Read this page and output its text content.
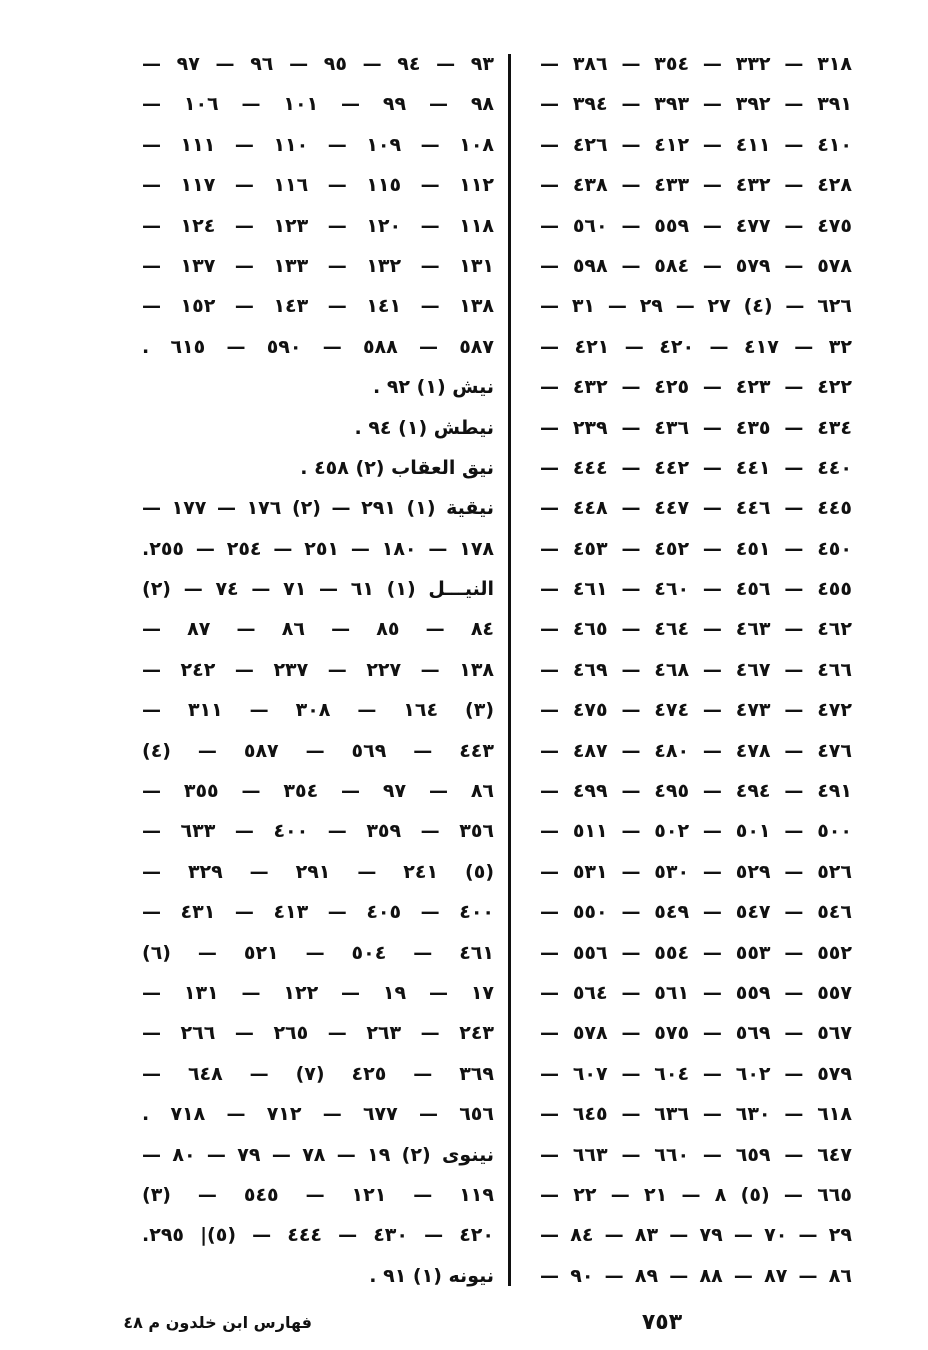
٣١٨ — ٣٣٢ — ٣٥٤ — ٣٨٦ —
٣٩١ — ٣٩٢ — ٣٩٣ — ٣٩٤ —
٤١٠ — ٤١١ — ٤١٢ — ٤٢٦ —
٤٢٨ — ٤٣٢ — ٤٣٣ — ٤٣٨ —
٤٧٥ — ٤٧٧ — ٥٥٩ — ٥٦٠ —
٥٧٨ — ٥٧٩ — ٥٨٤ — ٥٩٨ —
٦٢٦ — (٤) ٢٧ — ٢٩ — ٣١ —
٣٢ — ٤١٧ — ٤٢٠ — ٤٢١ —
٤٢٢ — ٤٢٣ — ٤٢٥ — ٤٣٢ —
٤٣٤ — ٤٣٥ — ٤٣٦ — ٢٣٩ —
٤٤٠ — ٤٤١ — ٤٤٢ — ٤٤٤ —
٤٤٥ — ٤٤٦ — ٤٤٧ — ٤٤٨ —
٤٥٠ — ٤٥١ — ٤٥٢ — ٤٥٣ —
٤٥٥ — ٤٥٦ — ٤٦٠ — ٤٦١ —
٤٦٢ — ٤٦٣ — ٤٦٤ — ٤٦٥ —
٤٦٦ — ٤٦٧ — ٤٦٨ — ٤٦٩ —
٤٧٢ — ٤٧٣ — ٤٧٤ — ٤٧٥ —
٤٧٦ — ٤٧٨ — ٤٨٠ — ٤٨٧ —
٤٩١ — ٤٩٤ — ٤٩٥ — ٤٩٩ —
٥٠٠ — ٥٠١ — ٥٠٢ — ٥١١ —
٥٢٦ — ٥٢٩ — ٥٣٠ — ٥٣١ —
٥٤٦ — ٥٤٧ — ٥٤٩ — ٥٥٠ —
٥٥٢ — ٥٥٣ — ٥٥٤ — ٥٥٦ —
٥٥٧ — ٥٥٩ — ٥٦١ — ٥٦٤ —
٥٦٧ — ٥٦٩ — ٥٧٥ — ٥٧٨ —
٥٧٩ — ٦٠٢ — ٦٠٤ — ٦٠٧ —
٦١٨ — ٦٣٠ — ٦٣٦ — ٦٤٥ —
٦٤٧ — ٦٥٩ — ٦٦٠ — ٦٦٣ —
٦٦٥ — (٥) ٨ — ٢١ — ٢٢ —
٢٩ — ٧٠ — ٧٩ — ٨٣ — ٨٤ —
٨٦ — ٨٧ — ٨٨ — ٨٩ — ٩٠ —
٩٣ — ٩٤ — ٩٥ — ٩٦ — ٩٧ —
٩٨ — ٩٩ — ١٠١ — ١٠٦ —
١٠٨ — ١٠٩ — ١١٠ — ١١١ —
١١٢ — ١١٥ — ١١٦ — ١١٧ —
١١٨ — ١٢٠ — ١٢٣ — ١٢٤ —
١٣١ — ١٣٢ — ١٣٣ — ١٣٧ —
١٣٨ — ١٤١ — ١٤٣ — ١٥٢ —
٥٨٧ — ٥٨٨ — ٥٩٠ — ٦١٥ .
نيش (١) ٩٢ .
نيطش (١) ٩٤ .
نيق العقاب (٢) ٤٥٨ .
نيقية (١) ٢٩١ — (٢) ١٧٦ — ١٧٧ —
١٧٨ — ١٨٠ — ٢٥١ — ٢٥٤ — ٢٥٥.
النيـــل (١) ٦١ — ٧١ — ٧٤ — (٢)
٨٤ — ٨٥ — ٨٦ — ٨٧ —
١٣٨ — ٢٢٧ — ٢٣٧ — ٢٤٢ —
(٣) ١٦٤ — ٣٠٨ — ٣١١ —
٤٤٣ — ٥٦٩ — ٥٨٧ — (٤)
٨٦ — ٩٧ — ٣٥٤ — ٣٥٥ —
٣٥٦ — ٣٥٩ — ٤٠٠ — ٦٣٣ —
(٥) ٢٤١ — ٢٩١ — ٣٢٩ —
٤٠٠ — ٤٠٥ — ٤١٣ — ٤٣١ —
٤٦١ — ٥٠٤ — ٥٢١ — (٦)
١٧ — ١٩ — ١٢٢ — ١٣١ —
٢٤٣ — ٢٦٣ — ٢٦٥ — ٢٦٦ —
٣٦٩ — ٤٢٥ (٧) — ٦٤٨ —
٦٥٦ — ٦٧٧ — ٧١٢ — ٧١٨ .
نينوى (٢) ١٩ — ٧٨ — ٧٩ — ٨٠ —
١١٩ — ١٢١ — ٥٤٥ — (٣)
٤٢٠ — ٤٣٠ — ٤٤٤ — (٥)| ٢٩٥.
نيونه (١) ٩١ .
فهارس ابن خلدون م ٤٨	٧٥٣
